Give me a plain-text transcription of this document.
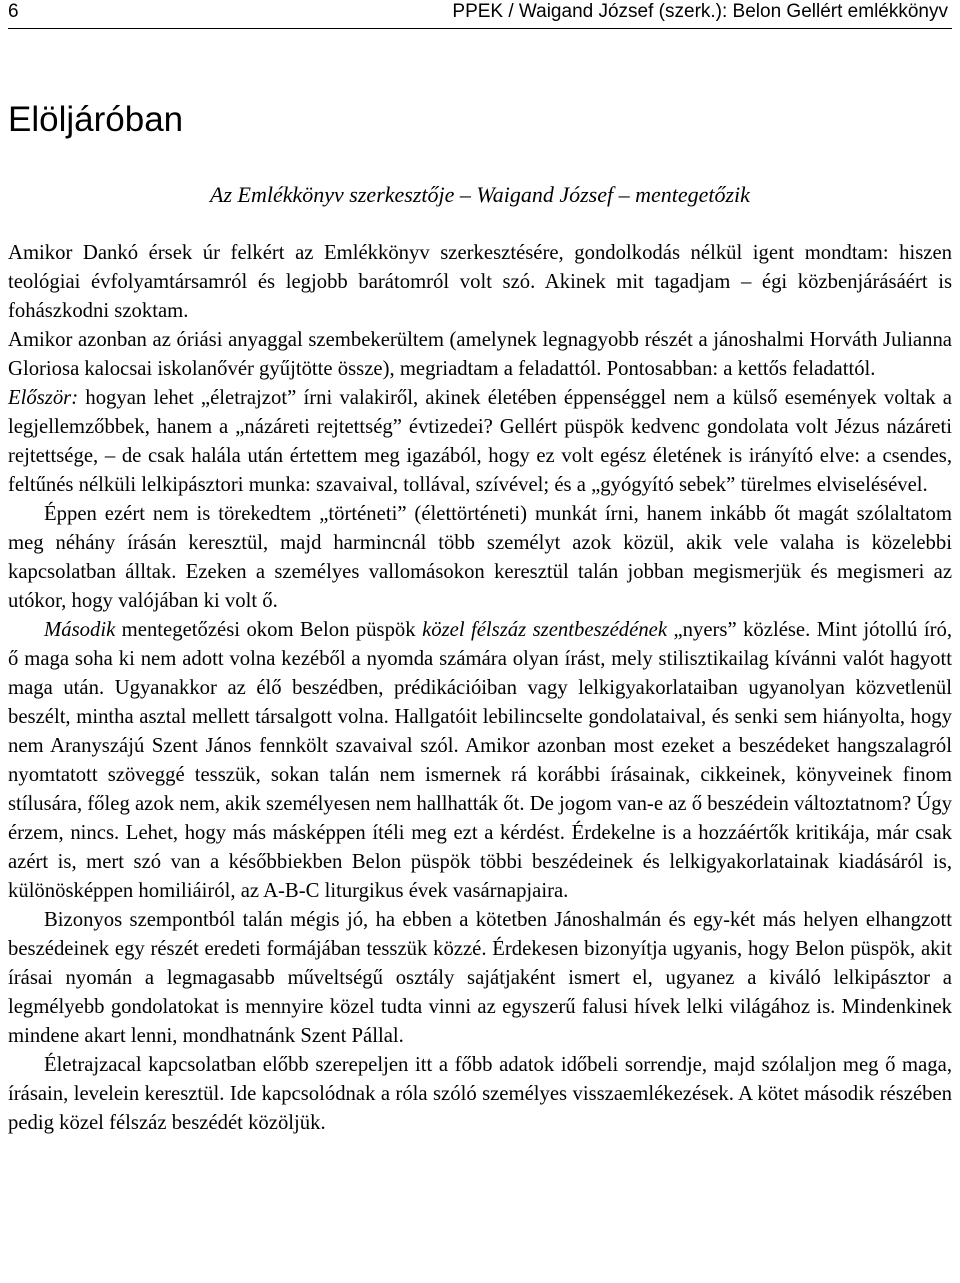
6	PPEK / Waigand József (szerk.): Belon Gellért emlékkönyv
Elöljáróban
Az Emlékkönyv szerkesztője – Waigand József – mentegetőzik

Amikor Dankó érsek úr felkért az Emlékkönyv szerkesztésére, gondolkodás nélkül igent mondtam: hiszen teológiai évfolyamtársamról és legjobb barátomról volt szó. Akinek mit tagadjam – égi közbenjárásáért is fohászkodni szoktam.

Amikor azonban az óriási anyaggal szembekerültem (amelynek legnagyobb részét a jánoshalmi Horváth Julianna Gloriosa kalocsai iskolanővér gyűjtötte össze), megriadtam a feladattól. Pontosabban: a kettős feladattól.

Először: hogyan lehet „életrajzot” írni valakiről, akinek életében éppenséggel nem a külső események voltak a legjellemzőbbek, hanem a „názáreti rejtettség” évtizedei? Gellért püspök kedvenc gondolata volt Jézus názáreti rejtettsége, – de csak halála után értettem meg igazából, hogy ez volt egész életének is irányító elve: a csendes, feltűnés nélküli lelkipásztori munka: szavaival, tollával, szívével; és a „gyógyító sebek” türelmes elviselésével.

Éppen ezért nem is törekedtem „történeti” (élettörténeti) munkát írni, hanem inkább őt magát szólaltatom meg néhány írásán keresztül, majd harmincnál több személyt azok közül, akik vele valaha is közelebbi kapcsolatban álltak. Ezeken a személyes vallomásokon keresztül talán jobban megismerjük és megismeri az utókor, hogy valójában ki volt ő.

Második mentegetőzési okom Belon püspök közel félszáz szentbeszédének „nyers” közlése. Mint jótollú író, ő maga soha ki nem adott volna kezéből a nyomda számára olyan írást, mely stilisztikailag kívánni valót hagyott maga után. Ugyanakkor az élő beszédben, prédikációiban vagy lelkigyakorlataiban ugyanolyan közvetlenül beszélt, mintha asztal mellett társalgott volna. Hallgatóit lebilincselte gondolataival, és senki sem hiányolta, hogy nem Aranyszájú Szent János fennkölt szavaival szól. Amikor azonban most ezeket a beszédeket hangszalagról nyomtatott szöveggé tesszük, sokan talán nem ismernek rá korábbi írásainak, cikkeinek, könyveinek finom stílusára, főleg azok nem, akik személyesen nem hallhatták őt. De jogom van-e az ő beszédein változtatnom? Úgy érzem, nincs. Lehet, hogy más másképpen ítéli meg ezt a kérdést. Érdekelne is a hozzáértők kritikája, már csak azért is, mert szó van a későbbiekben Belon püspök többi beszédeinek és lelkigyakorlatainak kiadásáról is, különösképpen homiliáiról, az A-B-C liturgikus évek vasárnapjaira.

Bizonyos szempontból talán mégis jó, ha ebben a kötetben Jánoshalmán és egy-két más helyen elhangzott beszédeinek egy részét eredeti formájában tesszük közzé. Érdekesen bizonyítja ugyanis, hogy Belon püspök, akit írásai nyomán a legmagasabb műveltségű osztály sajátjaként ismert el, ugyanez a kiváló lelkipásztor a legmélyebb gondolatokat is mennyire közel tudta vinni az egyszerű falusi hívek lelki világához is. Mindenkinek mindene akart lenni, mondhatnánk Szent Pállal.

Életrajzacal kapcsolatban előbb szerepeljen itt a főbb adatok időbeli sorrendje, majd szólaljon meg ő maga, írásain, levelein keresztül. Ide kapcsolódnak a róla szóló személyes visszaemlékezések. A kötet második részében pedig közel félszáz beszédét közöljük.
